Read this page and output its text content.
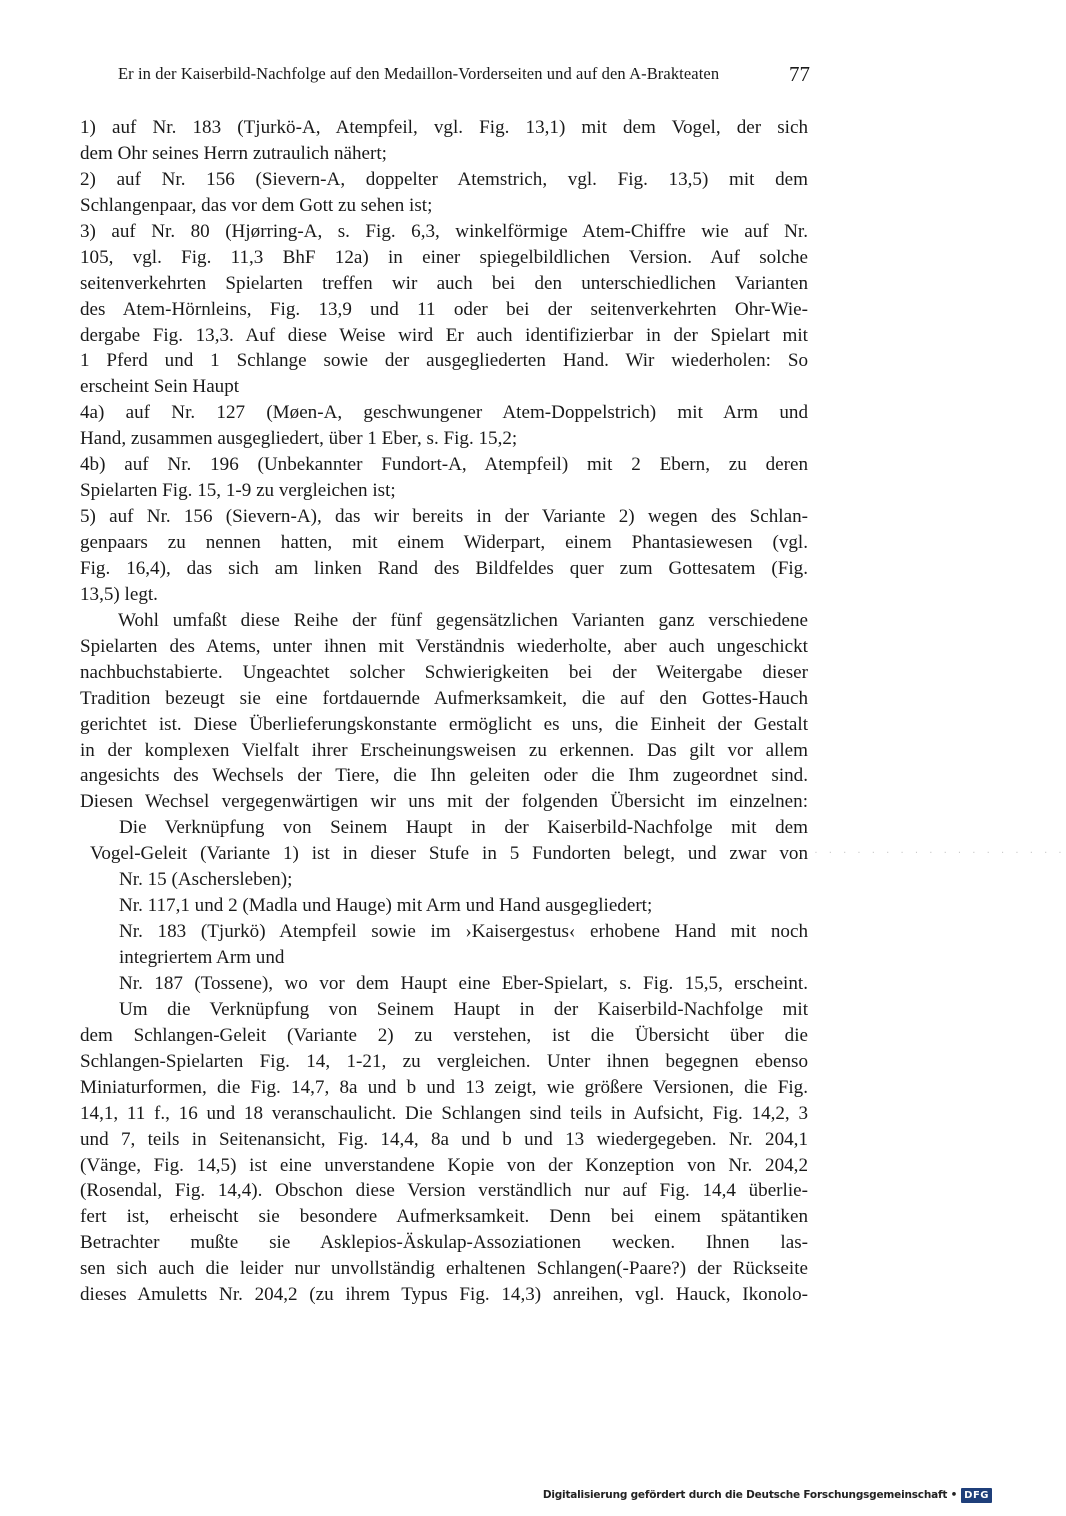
Er in der Kaiserbild-Nachfolge auf den Medaillon-Vorderseiten und auf den A-Brakteaten	77
1) auf Nr. 183 (Tjurkö-A, Atempfeil, vgl. Fig. 13,1) mit dem Vogel, der sich
dem Ohr seines Herrn zutraulich nähert;
2) auf Nr. 156 (Sievern-A, doppelter Atemstrich, vgl. Fig. 13,5) mit dem
Schlangenpaar, das vor dem Gott zu sehen ist;
3) auf Nr. 80 (Hjørring-A, s. Fig. 6,3, winkelförmige Atem-Chiffre wie auf Nr.
105, vgl. Fig. 11,3 BhF 12a) in einer spiegelbildlichen Version. Auf solche
seitenverkehrten Spielarten treffen wir auch bei den unterschiedlichen Varianten
des Atem-Hörnleins, Fig. 13,9 und 11 oder bei der seitenverkehrten Ohr-Wie-
dergabe Fig. 13,3. Auf diese Weise wird Er auch identifizierbar in der Spielart mit
1 Pferd und 1 Schlange sowie der ausgegliederten Hand. Wir wiederholen: So
erscheint Sein Haupt
4a) auf Nr. 127 (Møen-A, geschwungener Atem-Doppelstrich) mit Arm und
Hand, zusammen ausgegliedert, über 1 Eber, s. Fig. 15,2;
4b) auf Nr. 196 (Unbekannter Fundort-A, Atempfeil) mit 2 Ebern, zu deren
Spielarten Fig. 15, 1-9 zu vergleichen ist;
5) auf Nr. 156 (Sievern-A), das wir bereits in der Variante 2) wegen des Schlan-
genpaars zu nennen hatten, mit einem Widerpart, einem Phantasiewesen (vgl.
Fig. 16,4), das sich am linken Rand des Bildfeldes quer zum Gottesatem (Fig.
13,5) legt.
Wohl umfaßt diese Reihe der fünf gegensätzlichen Varianten ganz verschiedene
Spielarten des Atems, unter ihnen mit Verständnis wiederholte, aber auch ungeschickt
nachbuchstabierte. Ungeachtet solcher Schwierigkeiten bei der Weitergabe dieser
Tradition bezeugt sie eine fortdauernde Aufmerksamkeit, die auf den Gottes-Hauch
gerichtet ist. Diese Überlieferungskonstante ermöglicht es uns, die Einheit der Gestalt
in der komplexen Vielfalt ihrer Erscheinungsweisen zu erkennen. Das gilt vor allem
angesichts des Wechsels der Tiere, die Ihn geleiten oder die Ihm zugeordnet sind.
Diesen Wechsel vergegenwärtigen wir uns mit der folgenden Übersicht im einzelnen:
Die Verknüpfung von Seinem Haupt in der Kaiserbild-Nachfolge mit dem
Vogel-Geleit (Variante 1) ist in dieser Stufe in 5 Fundorten belegt, und zwar von
Nr. 15 (Aschersleben);
Nr. 117,1 und 2 (Madla und Hauge) mit Arm und Hand ausgegliedert;
Nr. 183 (Tjurkö) Atempfeil sowie im ›Kaisergestus‹ erhobene Hand mit noch
integriertem Arm und
Nr. 187 (Tossene), wo vor dem Haupt eine Eber-Spielart, s. Fig. 15,5, erscheint.
Um die Verknüpfung von Seinem Haupt in der Kaiserbild-Nachfolge mit
dem Schlangen-Geleit (Variante 2) zu verstehen, ist die Übersicht über die
Schlangen-Spielarten Fig. 14, 1-21, zu vergleichen. Unter ihnen begegnen ebenso
Miniaturformen, die Fig. 14,7, 8a und b und 13 zeigt, wie größere Versionen, die Fig.
14,1, 11 f., 16 und 18 veranschaulicht. Die Schlangen sind teils in Aufsicht, Fig. 14,2, 3
und 7, teils in Seitenansicht, Fig. 14,4, 8a und b und 13 wiedergegeben. Nr. 204,1
(Vänge, Fig. 14,5) ist eine unverstandene Kopie von der Konzeption von Nr. 204,2
(Rosendal, Fig. 14,4). Obschon diese Version verständlich nur auf Fig. 14,4 überlie-
fert ist, erheischt sie besondere Aufmerksamkeit. Denn bei einem spätantiken
Betrachter mußte sie Asklepios-Äskulap-Assoziationen wecken. Ihnen las-
sen sich auch die leider nur unvollständig erhaltenen Schlangen(-Paare?) der Rückseite
dieses Amuletts Nr. 204,2 (zu ihrem Typus Fig. 14,3) anreihen, vgl. Hauck, Ikonolo-
· · · · · · · · · · · · · · · · · · ·
Digitalisierung gefördert durch die Deutsche Forschungsgemeinschaft • DFG
